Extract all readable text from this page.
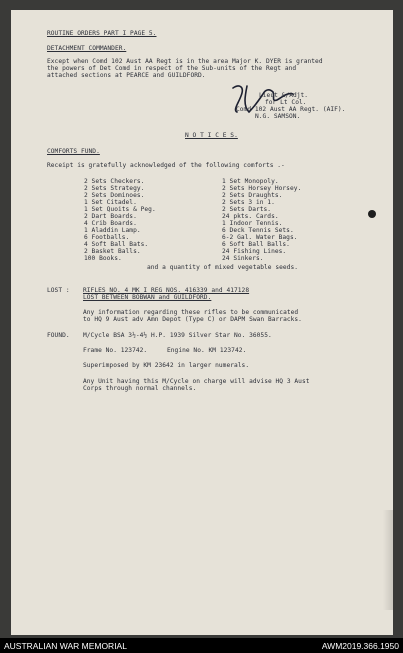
ROUTINE ORDERS PART I PAGE 5.
DETACHMENT COMMANDER.
Except when Comd 102 Aust AA Regt is in the area Major K. DYER is granted
the powers of Det Comd in respect of the Sub-units of the Regt and
attached sections at PEARCE and GUILDFORD.
Lieut &/Adjt.
for Lt Col.
Comd 102 Aust AA Regt. (AIF).
N.G. SAMSON.
N O T I C E S.
COMFORTS FUND.
Receipt is gratefully acknowledged of the following comforts .-
2 Sets Checkers.
2 Sets Strategy.
2 Sets Dominoes.
1 Set Citadel.
1 Set Quoits & Peg.
2 Dart Boards.
4 Crib Boards.
1 Aladdin Lamp.
6 Footballs.
4 Soft Ball Bats.
2 Basket Balls.
100 Books.
1 Set Monopoly.
2 Sets Horsey Horsey.
2 Sets Draughts.
2 Sets 3 in 1.
2 Sets Darts.
24 pkts. Cards.
1 Indoor Tennis.
6 Deck Tennis Sets.
6-2 Gal. Water Bags.
6 Soft Ball Balls.
24 Fishing Lines.
24 Sinkers.
and a quantity of mixed vegetable seeds.
LOST : RIFLES NO. 4 MK I REG NOS. 416339 and 417128
LOST BETWEEN BOBWAN and GUILDFORD.
Any information regarding these rifles to be communicated
to HQ 9 Aust adv Amn Depot (Type C) or DAPM Swan Barracks.
FOUND. M/Cycle BSA 3½-4½ H.P. 1939 Silver Star No. 36055.
Frame No. 123742.	Engine No. KM 123742.
Superimposed by KM 23642 in larger numerals.
Any Unit having this M/Cycle on charge will advise HQ 3 Aust
Corps through normal channels.
AUSTRALIAN WAR MEMORIAL	AWM2019.366.1950
